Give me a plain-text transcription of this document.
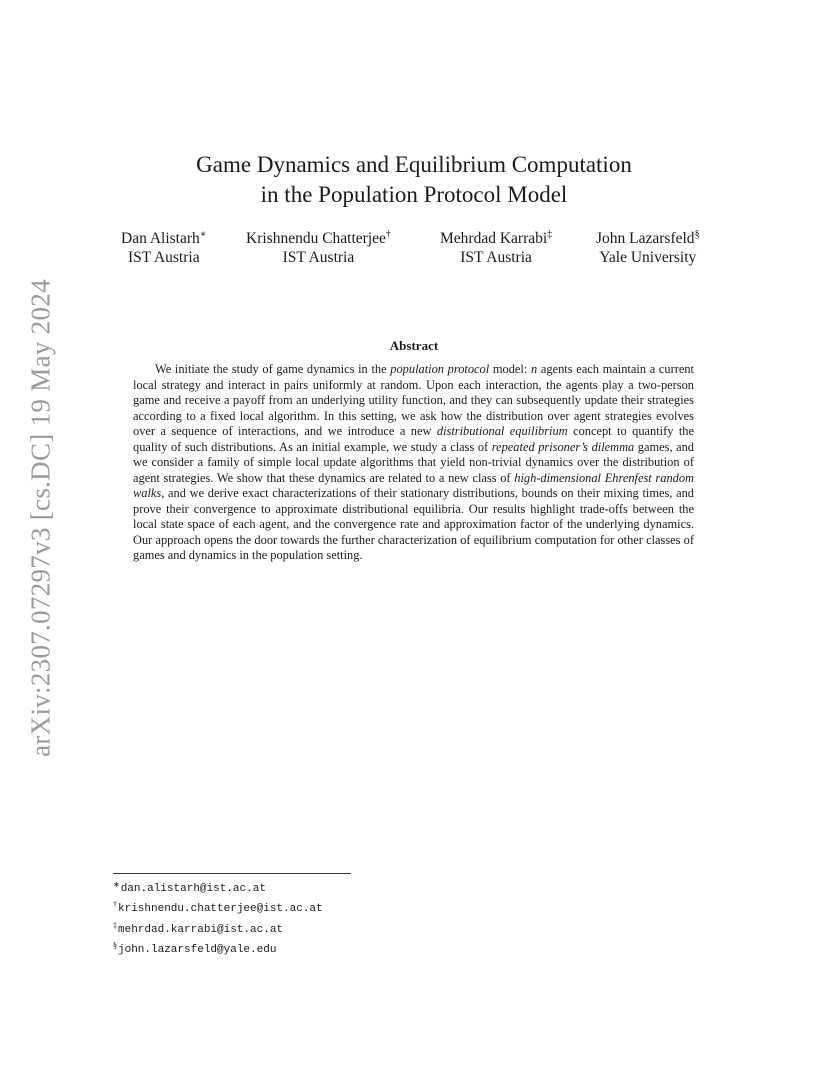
arXiv:2307.07297v3 [cs.DC] 19 May 2024
Game Dynamics and Equilibrium Computation
in the Population Protocol Model
Dan Alistarh∗
IST Austria
Krishnendu Chatterjee†
IST Austria
Mehrdad Karrabi‡
IST Austria
John Lazarsfeld§
Yale University
Abstract

We initiate the study of game dynamics in the population protocol model: n agents each maintain a current local strategy and interact in pairs uniformly at random. Upon each interaction, the agents play a two-person game and receive a payoff from an underlying utility function, and they can subsequently update their strategies according to a fixed local algorithm. In this setting, we ask how the distribution over agent strategies evolves over a sequence of interactions, and we introduce a new distributional equilibrium concept to quantify the quality of such distributions. As an initial example, we study a class of repeated prisoner’s dilemma games, and we consider a family of simple local update algorithms that yield non-trivial dynamics over the distribution of agent strategies. We show that these dynamics are related to a new class of high-dimensional Ehrenfest random walks, and we derive exact characterizations of their stationary distributions, bounds on their mixing times, and prove their convergence to approximate distributional equilibria. Our results highlight trade-offs between the local state space of each agent, and the convergence rate and approximation factor of the underlying dynamics. Our approach opens the door towards the further characterization of equilibrium computation for other classes of games and dynamics in the population setting.

∗dan.alistarh@ist.ac.at
†krishnendu.chatterjee@ist.ac.at
‡mehrdad.karrabi@ist.ac.at
§john.lazarsfeld@yale.edu
